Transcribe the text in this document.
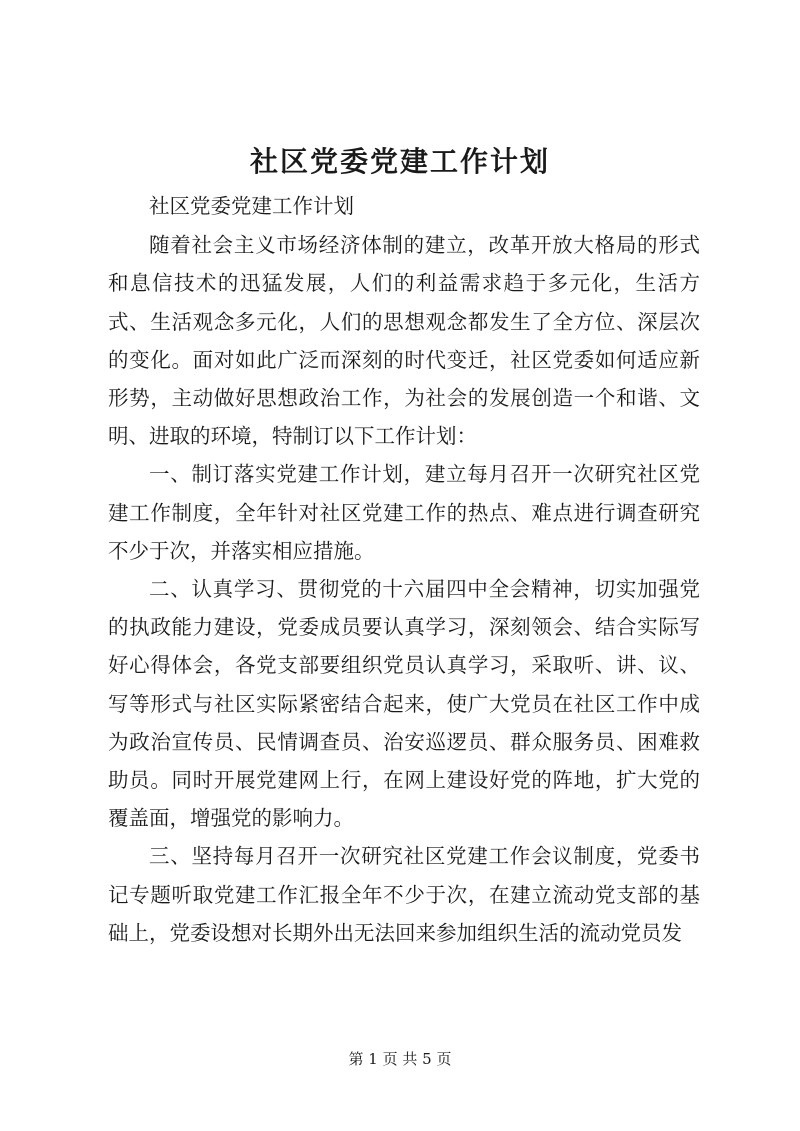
社区党委党建工作计划

社区党委党建工作计划

随着社会主义市场经济体制的建立，改革开放大格局的形式和息信技术的迅猛发展，人们的利益需求趋于多元化，生活方式、生活观念多元化，人们的思想观念都发生了全方位、深层次的变化。面对如此广泛而深刻的时代变迁，社区党委如何适应新形势，主动做好思想政治工作，为社会的发展创造一个和谐、文明、进取的环境，特制订以下工作计划：

一、制订落实党建工作计划，建立每月召开一次研究社区党建工作制度，全年针对社区党建工作的热点、难点进行调查研究不少于次，并落实相应措施。

二、认真学习、贯彻党的十六届四中全会精神，切实加强党的执政能力建设，党委成员要认真学习，深刻领会、结合实际写好心得体会，各党支部要组织党员认真学习，采取听、讲、议、写等形式与社区实际紧密结合起来，使广大党员在社区工作中成为政治宣传员、民情调查员、治安巡逻员、群众服务员、困难救助员。同时开展党建网上行，在网上建设好党的阵地，扩大党的覆盖面，增强党的影响力。

三、坚持每月召开一次研究社区党建工作会议制度，党委书记专题听取党建工作汇报全年不少于次，在建立流动党支部的基础上，党委设想对长期外出无法回来参加组织生活的流动党员发

第 1 页 共 5 页
